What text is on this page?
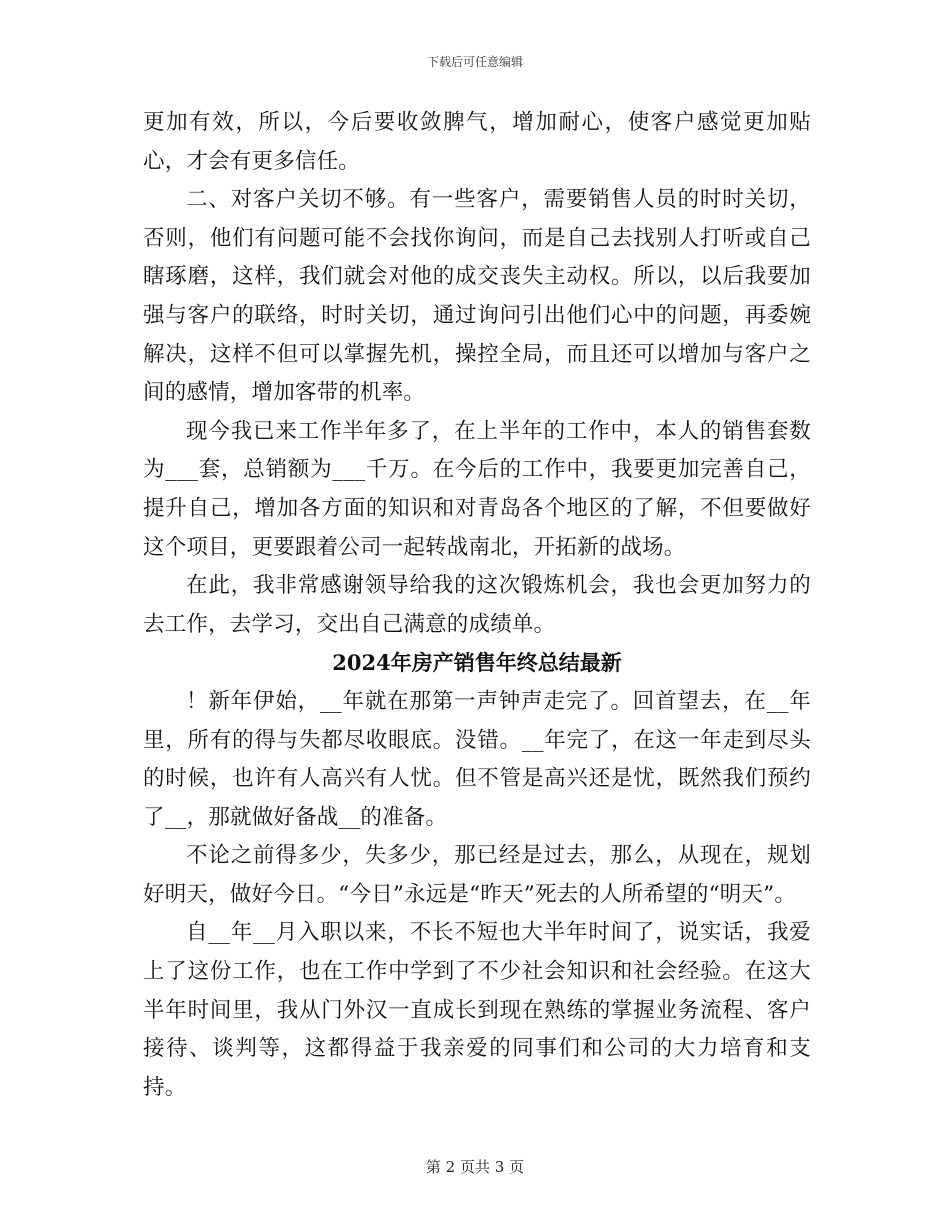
下载后可任意编辑

更加有效，所以，今后要收敛脾气，增加耐心，使客户感觉更加贴心，才会有更多信任。

二、对客户关切不够。有一些客户，需要销售人员的时时关切，否则，他们有问题可能不会找你询问，而是自己去找别人打听或自己瞎琢磨，这样，我们就会对他的成交丧失主动权。所以，以后我要加强与客户的联络，时时关切，通过询问引出他们心中的问题，再委婉解决，这样不但可以掌握先机，操控全局，而且还可以增加与客户之间的感情，增加客带的机率。

现今我已来工作半年多了，在上半年的工作中，本人的销售套数为___套，总销额为___千万。在今后的工作中，我要更加完善自己，提升自己，增加各方面的知识和对青岛各个地区的了解，不但要做好这个项目，更要跟着公司一起转战南北，开拓新的战场。

在此，我非常感谢领导给我的这次锻炼机会，我也会更加努力的去工作，去学习，交出自己满意的成绩单。

2024年房产销售年终总结最新

！新年伊始，__年就在那第一声钟声走完了。回首望去，在__年里，所有的得与失都尽收眼底。没错。__年完了，在这一年走到尽头的时候，也许有人高兴有人忧。但不管是高兴还是忧，既然我们预约了__，那就做好备战__的准备。

不论之前得多少，失多少，那已经是过去，那么，从现在，规划好明天，做好今日。“今日”永远是“昨天”死去的人所希望的“明天”。

自__年__月入职以来，不长不短也大半年时间了，说实话，我爱上了这份工作，也在工作中学到了不少社会知识和社会经验。在这大半年时间里，我从门外汉一直成长到现在熟练的掌握业务流程、客户接待、谈判等，这都得益于我亲爱的同事们和公司的大力培育和支持。

第 2 页共 3 页
